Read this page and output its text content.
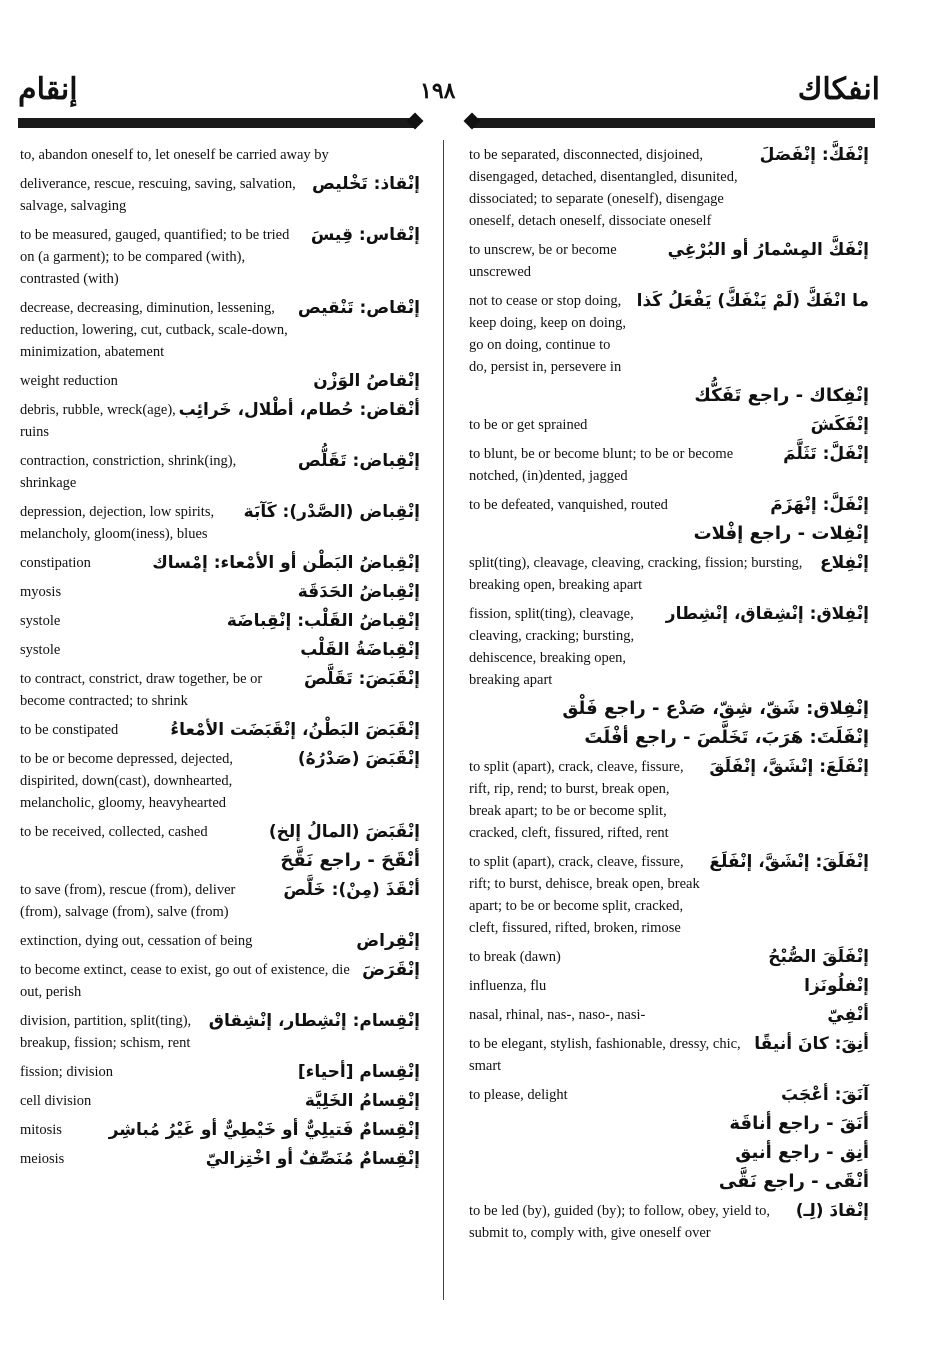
إنقام	١٩٨	انفكاك
to, abandon oneself to, let oneself be carried away by
deliverance, rescue, rescuing, saving, salvation, salvage, salvaging
إنْقاذ: تَخْليص
to be measured, gauged, quantified; to be tried on (a garment); to be compared (with), contrasted (with)
إنْقاس: قِيسَ
decrease, decreasing, diminution, lessening, reduction, lowering, cut, cutback, scale-down, minimization, abatement
إنْقاص: تَنْقيص
weight reduction	إنْقاصُ الوَزْن
debris, rubble, wreck(age), ruins
أنْقاض: حُطام، أطْلال، خَرائِب
contraction, constriction, shrink(ing), shrinkage
إنْقِباض: تَقَلُّص
depression, dejection, low spirits, melancholy, gloom(iness), blues
إنْقِباض (الصَّدْر): كَآبَة
constipation	إنْقِباضُ البَطْن أو الأمْعاء: إمْساك
myosis	إنْقِباضُ الحَدَقَة
systole	إنْقِباضُ القَلْب: إنْقِباضَة
systole	إنْقِباضَةُ القَلْب
to contract, constrict, draw together, be or become contracted; to shrink
إنْقَبَضَ: تَقَلَّصَ
to be constipated	إنْقَبَضَ البَطْنُ، إنْقَبَضَت الأمْعاءُ
to be or become depressed, dejected, dispirited, down(cast), downhearted, melancholic, gloomy, heavyhearted
إنْقَبَضَ (صَدْرُهُ)
to be received, collected, cashed	إنْقَبَضَ (المالُ إلخ)
أنْقَحَ - راجع نَقَّحَ
to save (from), rescue (from), deliver (from), salvage (from), salve (from)
أنْقَذَ (مِنْ): خَلَّصَ
extinction, dying out, cessation of being	إنْقِراض
to become extinct, cease to exist, go out of existence, die out, perish
إنْقَرَضَ
division, partition, split(ting), breakup, fission; schism, rent
إنْقِسام: إنْشِطار، إنْشِقاق
fission; division	إنْقِسام [أحياء]
cell division	إنْقِسامُ الخَلِيَّة
mitosis	إنْقِسامٌ فَتيلِيٌّ أو خَيْطِيٌّ أو غَيْرُ مُباشِر
meiosis	إنْقِسامٌ مُنَصِّفٌ أو اخْتِزاليّ
to be separated, disconnected, disjoined, disengaged, detached, disentangled, disunited, dissociated; to separate (oneself), disengage oneself, detach oneself, dissociate oneself
إنْفَكَّ: إنْفَصَلَ
to unscrew, be or become unscrewed
إنْفَكَّ المِسْمارُ أو البُرْغِي
not to cease or stop doing, keep doing, keep on doing, go on doing, continue to do, persist in, persevere in
ما انْفَكَّ (لَمْ يَنْفَكَّ) يَفْعَلُ كَذا
إنْفِكاك - راجع تَفَكُّك
to be or get sprained	إنْفَكَشَ
to blunt, be or become blunt; to be or become notched, (in)dented, jagged
إنْفَلَّ: تَثَلَّمَ
to be defeated, vanquished, routed	إنْفَلَّ: إنْهَزَمَ
إنْفِلات - راجع إفْلات
split(ting), cleavage, cleaving, cracking, fission; bursting, breaking open, breaking apart
إنْفِلاع
fission, split(ting), cleavage, cleaving, cracking; bursting, dehiscence, breaking open, breaking apart
إنْفِلاق: إنْشِقاق، إنْشِطار
إنْفِلاق: شَقّ، شِقّ، صَدْع - راجع فَلْق
إنْفَلَتَ: هَرَبَ، تَخَلَّصَ - راجع أفْلَتَ
to split (apart), crack, cleave, fissure, rift, rip, rend; to burst, break open, break apart; to be or become split, cracked, cleft, fissured, rifted, rent
إنْفَلَعَ: إنْشَقَّ، إنْفَلَقَ
to split (apart), crack, cleave, fissure, rift; to burst, dehisce, break open, break apart; to be or become split, cracked, cleft, fissured, rifted, broken, rimose
إنْفَلَقَ: إنْشَقَّ، إنْفَلَعَ
to break (dawn)	إنْفَلَقَ الصُّبْحُ
influenza, flu	إنْفلُونَزا
nasal, rhinal, nas-, naso-, nasi-	أنْفِيّ
to be elegant, stylish, fashionable, dressy, chic, smart
أنِقَ: كانَ أنيقًا
to please, delight	آنَقَ: أعْجَبَ
أنَقَ - راجع أناقَة
أنِق - راجع أنيق
أنْقَى - راجع نَقَّى
to be led (by), guided (by); to follow, obey, yield to, submit to, comply with, give oneself over
إنْقادَ (لِـ)
